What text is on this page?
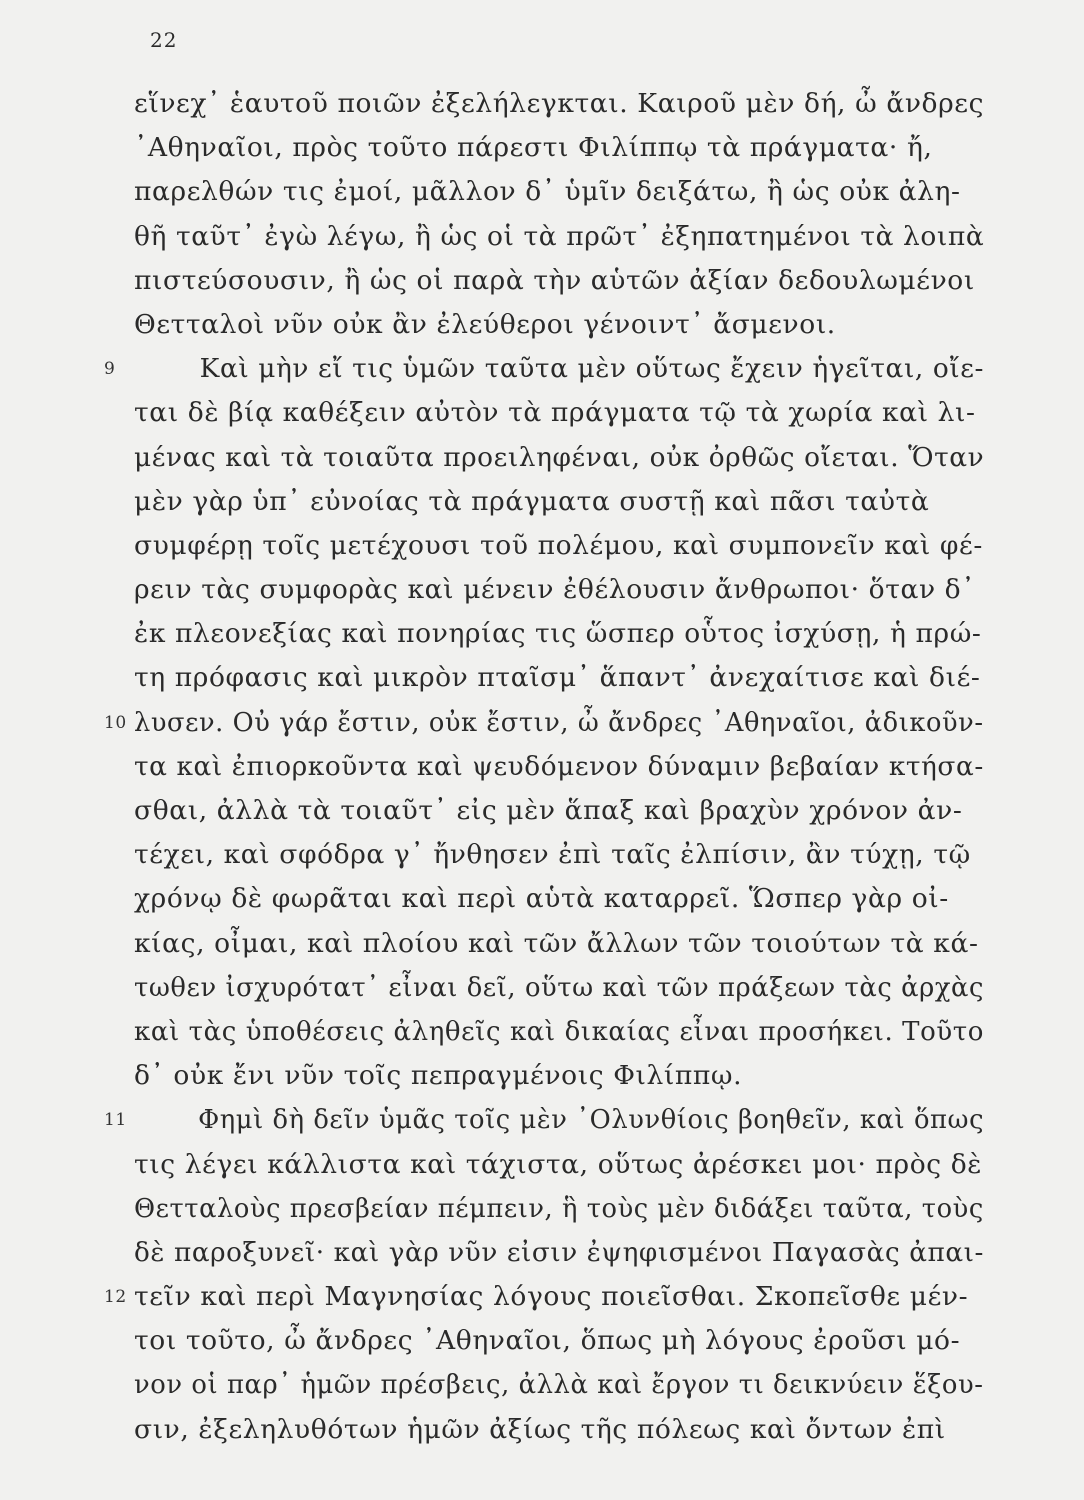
22
εἵνεχ᾽ ἑαυτοῦ ποιῶν ἐξελήλεγκται. Καιροῦ μὲν δή, ὦ ἄνδρες
᾽Αθηναῖοι, πρὸς τοῦτο πάρεστι Φιλίππῳ τὰ πράγματα· ἤ,
παρελθών τις ἐμοί, μᾶλλον δ᾽ ὑμῖν δειξάτω, ἢ ὡς οὐκ ἀλη-
θῆ ταῦτ᾽ ἐγὼ λέγω, ἢ ὡς οἱ τὰ πρῶτ᾽ ἐξηπατημένοι τὰ λοιπὰ
πιστεύσουσιν, ἢ ὡς οἱ παρὰ τὴν αὑτῶν ἀξίαν δεδουλωμένοι
Θετταλοὶ νῦν οὐκ ἂν ἐλεύθεροι γένοιντ᾽ ἄσμενοι.
9	Καὶ μὴν εἴ τις ὑμῶν ταῦτα μὲν οὕτως ἔχειν ἡγεῖται, οἴε-
ται δὲ βίᾳ καθέξειν αὐτὸν τὰ πράγματα τῷ τὰ χωρία καὶ λι-
μένας καὶ τὰ τοιαῦτα προειληφέναι, οὐκ ὀρθῶς οἴεται. Ὅταν
μὲν γὰρ ὑπ᾽ εὐνοίας τὰ πράγματα συστῇ καὶ πᾶσι ταὐτὰ
συμφέρῃ τοῖς μετέχουσι τοῦ πολέμου, καὶ συμπονεῖν καὶ φέ-
ρειν τὰς συμφορὰς καὶ μένειν ἐθέλουσιν ἄνθρωποι· ὅταν δ᾽
ἐκ πλεονεξίας καὶ πονηρίας τις ὥσπερ οὗτος ἰσχύσῃ, ἡ πρώ-
τη πρόφασις καὶ μικρὸν πταῖσμ᾽ ἅπαντ᾽ ἀνεχαίτισε καὶ διέ-
10 λυσεν. Οὐ γάρ ἔστιν, οὐκ ἔστιν, ὦ ἄνδρες ᾽Αθηναῖοι, ἀδικοῦν-
τα καὶ ἐπιορκοῦντα καὶ ψευδόμενον δύναμιν βεβαίαν κτήσα-
σθαι, ἀλλὰ τὰ τοιαῦτ᾽ εἰς μὲν ἅπαξ καὶ βραχὺν χρόνον ἀν-
τέχει, καὶ σφόδρα γ᾽ ἤνθησεν ἐπὶ ταῖς ἐλπίσιν, ἂν τύχῃ, τῷ
χρόνῳ δὲ φωρᾶται καὶ περὶ αὑτὰ καταρρεῖ. Ὥσπερ γὰρ οἰ-
κίας, οἶμαι, καὶ πλοίου καὶ τῶν ἄλλων τῶν τοιούτων τὰ κά-
τωθεν ἰσχυρότατ᾽ εἶναι δεῖ, οὕτω καὶ τῶν πράξεων τὰς ἀρχὰς
καὶ τὰς ὑποθέσεις ἀληθεῖς καὶ δικαίας εἶναι προσήκει. Τοῦτο
δ᾽ οὐκ ἔνι νῦν τοῖς πεπραγμένοις Φιλίππῳ.
11	Φημὶ δὴ δεῖν ὑμᾶς τοῖς μὲν ᾽Ολυνθίοις βοηθεῖν, καὶ ὅπως
τις λέγει κάλλιστα καὶ τάχιστα, οὕτως ἀρέσκει μοι· πρὸς δὲ
Θετταλοὺς πρεσβείαν πέμπειν, ἣ τοὺς μὲν διδάξει ταῦτα, τοὺς
δὲ παροξυνεῖ· καὶ γὰρ νῦν εἰσιν ἐψηφισμένοι Παγασὰς ἀπαι-
12 τεῖν καὶ περὶ Μαγνησίας λόγους ποιεῖσθαι. Σκοπεῖσθε μέν-
τοι τοῦτο, ὦ ἄνδρες ᾽Αθηναῖοι, ὅπως μὴ λόγους ἐροῦσι μό-
νον οἱ παρ᾽ ἡμῶν πρέσβεις, ἀλλὰ καὶ ἔργον τι δεικνύειν ἕξου-
σιν, ἐξεληλυθότων ἡμῶν ἀξίως τῆς πόλεως καὶ ὄντων ἐπὶ
